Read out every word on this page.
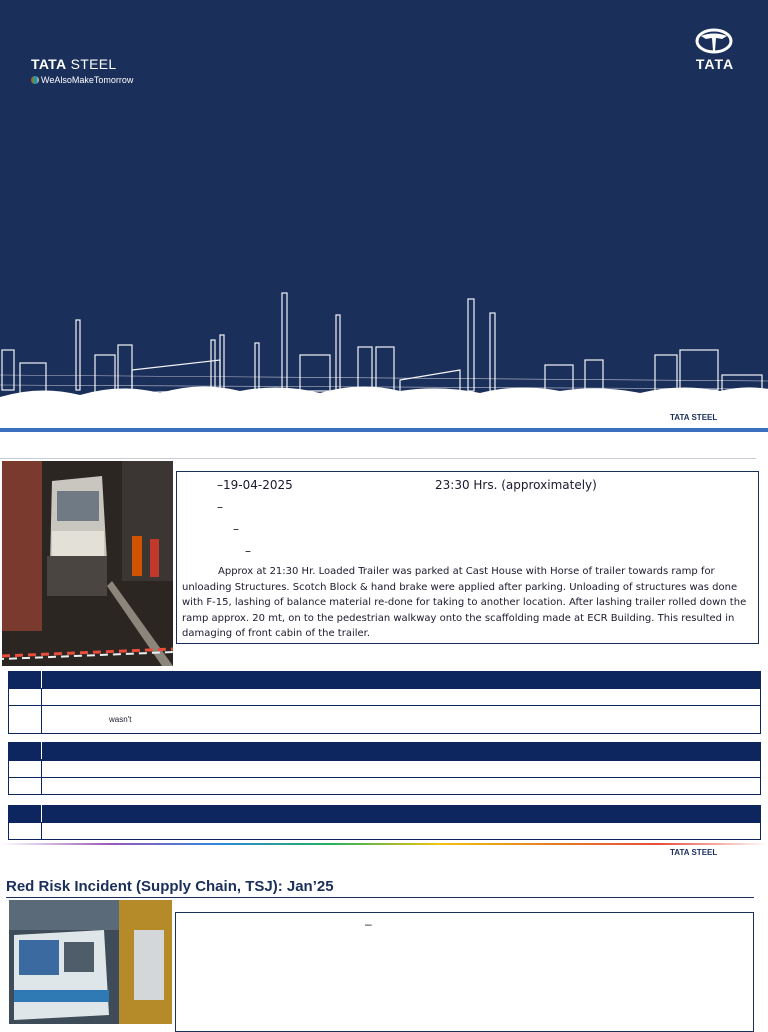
TATA STEEL
WeAlsoMakeTomorrow
TATA
TATA STEEL
–19-04-2025	23:30 Hrs. (approximately)
–
–
–
Approx at 21:30 Hr. Loaded Trailer was parked at Cast House with Horse of trailer towards ramp for unloading Structures. Scotch Block & hand brake were applied after parking. Unloading of structures was done with F-15, lashing of balance material re-done for taking to another location. After lashing trailer rolled down the ramp approx. 20 mt, on to the pedestrian walkway onto the scaffolding made at ECR Building. This resulted in damaging of front cabin of the trailer.
wasn't
TATA STEEL
Red Risk Incident (Supply Chain, TSJ): Jan’25
–
